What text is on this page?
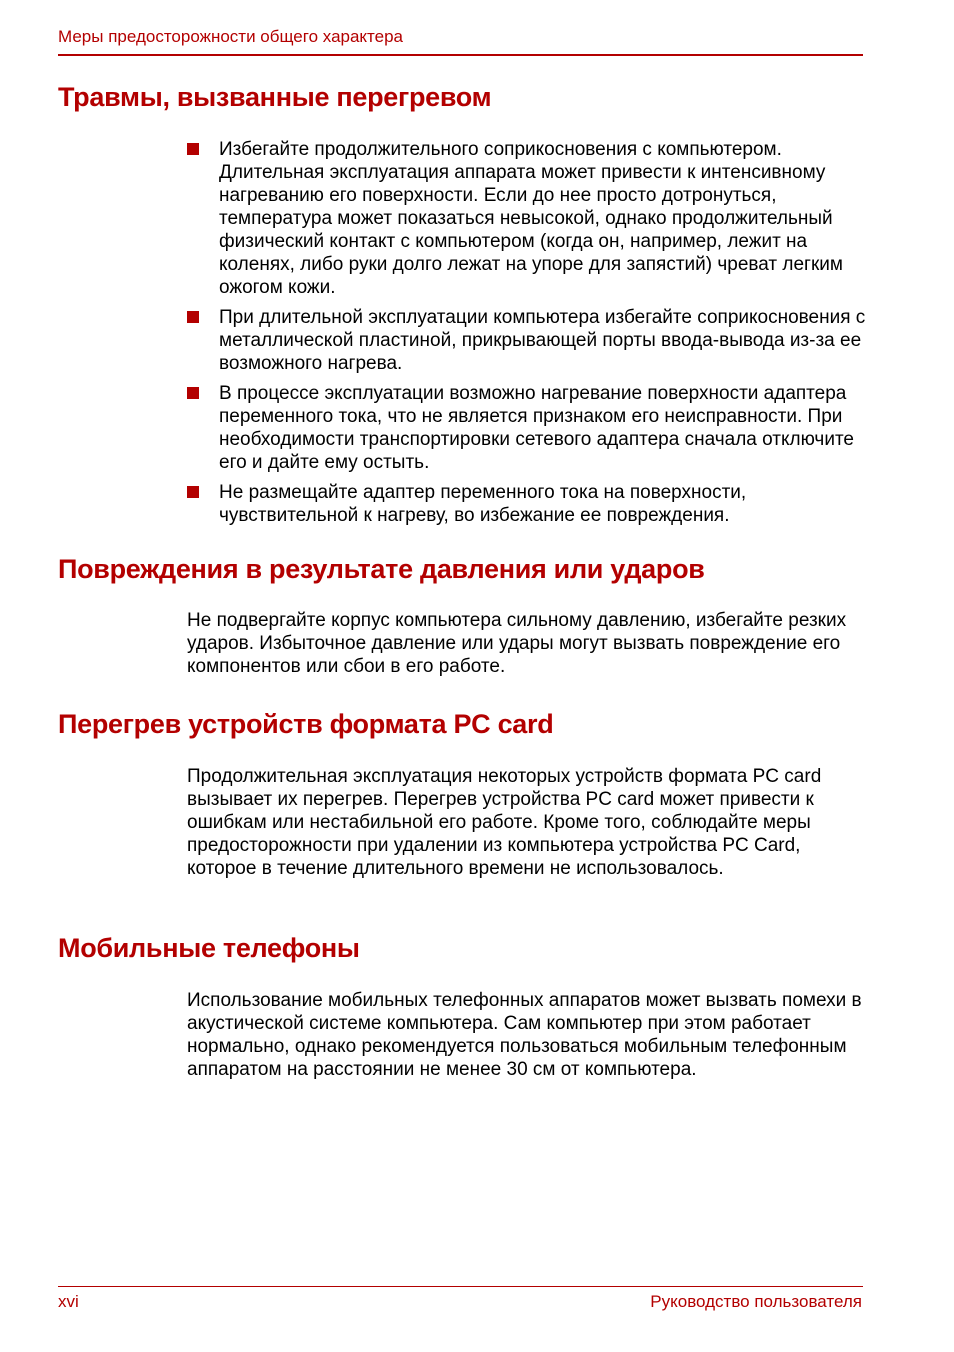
Меры предосторожности общего характера
Травмы, вызванные перегревом
Избегайте продолжительного соприкосновения с компьютером. Длительная эксплуатация аппарата может привести к интенсивному нагреванию его поверхности. Если до нее просто дотронуться, температура может показаться невысокой, однако продолжительный физический контакт с компьютером (когда он, например, лежит на коленях, либо руки долго лежат на упоре для запястий) чреват легким ожогом кожи.
При длительной эксплуатации компьютера избегайте соприкосновения с металлической пластиной, прикрывающей порты ввода-вывода из-за ее возможного нагрева.
В процессе эксплуатации возможно нагревание поверхности адаптера переменного тока, что не является признаком его неисправности. При необходимости транспортировки сетевого адаптера сначала отключите его и дайте ему остыть.
Не размещайте адаптер переменного тока на поверхности, чувствительной к нагреву, во избежание ее повреждения.
Повреждения в результате давления или ударов

Не подвергайте корпус компьютера сильному давлению, избегайте резких ударов. Избыточное давление или удары могут вызвать повреждение его компонентов или сбои в его работе.

Перегрев устройств формата PC card

Продолжительная эксплуатация некоторых устройств формата PC card вызывает их перегрев. Перегрев устройства PC card может привести к ошибкам или нестабильной его работе. Кроме того, соблюдайте меры предосторожности при удалении из компьютера устройства PC Card, которое в течение длительного времени не использовалось.

Мобильные телефоны

Использование мобильных телефонных аппаратов может вызвать помехи в акустической системе компьютера. Сам компьютер при этом работает нормально, однако рекомендуется пользоваться мобильным телефонным аппаратом на расстоянии не менее 30 см от компьютера.

xvi	Руководство пользователя
